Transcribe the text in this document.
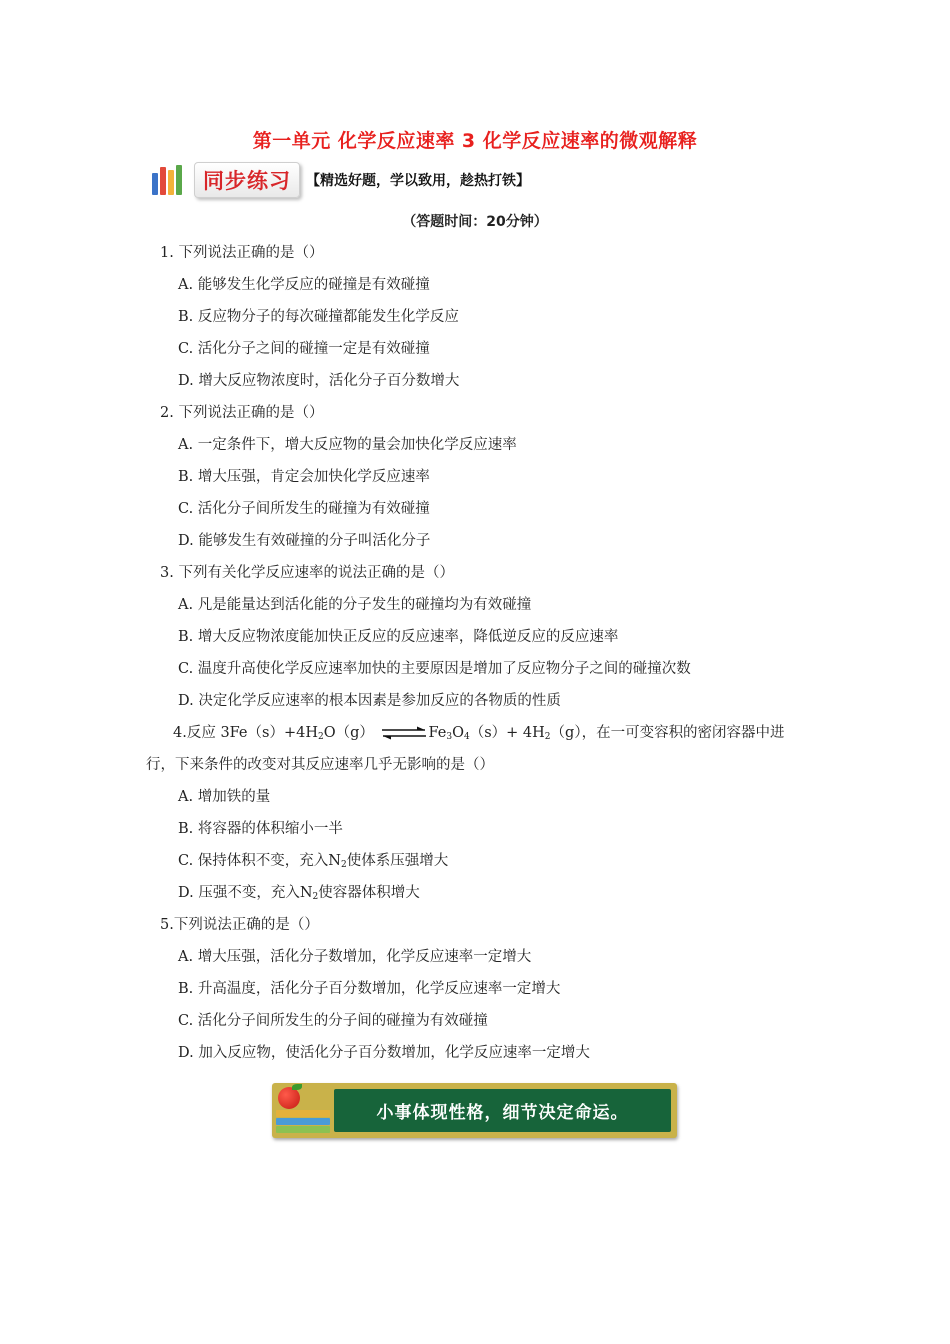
第一单元 化学反应速率 3 化学反应速率的微观解释
同步练习	【精选好题，学以致用，趁热打铁】
（答题时间：20分钟）
1. 下列说法正确的是（）
A. 能够发生化学反应的碰撞是有效碰撞
B. 反应物分子的每次碰撞都能发生化学反应
C. 活化分子之间的碰撞一定是有效碰撞
D. 增大反应物浓度时，活化分子百分数增大
2. 下列说法正确的是（）
A. 一定条件下，增大反应物的量会加快化学反应速率
B. 增大压强，肯定会加快化学反应速率
C. 活化分子间所发生的碰撞为有效碰撞
D. 能够发生有效碰撞的分子叫活化分子
3. 下列有关化学反应速率的说法正确的是（）
A. 凡是能量达到活化能的分子发生的碰撞均为有效碰撞
B. 增大反应物浓度能加快正反应的反应速率，降低逆反应的反应速率
C. 温度升高使化学反应速率加快的主要原因是增加了反应物分子之间的碰撞次数
D. 决定化学反应速率的根本因素是参加反应的各物质的性质
4.反应 $3Fe(s)+4H_2O(g)$ ⇌ $Fe_3O_4(s)+ 4H_2(g)$，在一可变容积的密闭容器中进
行，下来条件的改变对其反应速率几乎无影响的是（）
A. 增加铁的量
B. 将容器的体积缩小一半
C. 保持体积不变，充入$N_2$使体系压强增大
D. 压强不变，充入$N_2$使容器体积增大
5.下列说法正确的是（）
A. 增大压强，活化分子数增加，化学反应速率一定增大
B. 升高温度，活化分子百分数增加，化学反应速率一定增大
C. 活化分子间所发生的分子间的碰撞为有效碰撞
D. 加入反应物，使活化分子百分数增加，化学反应速率一定增大
小事体现性格，细节决定命运。
